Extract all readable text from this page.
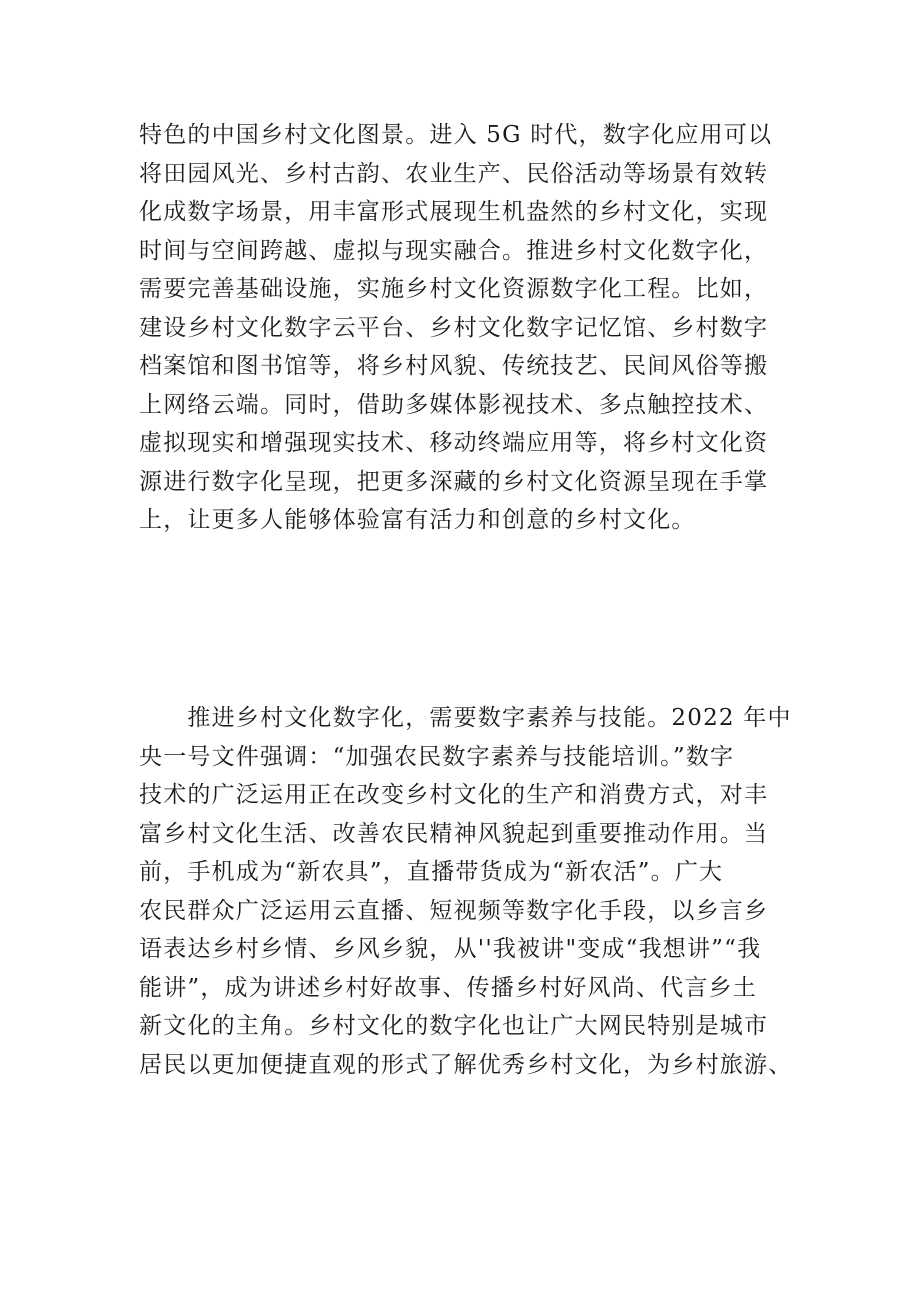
特色的中国乡村文化图景。进入 5G 时代，数字化应用可以
将田园风光、乡村古韵、农业生产、民俗活动等场景有效转
化成数字场景，用丰富形式展现生机盎然的乡村文化，实现
时间与空间跨越、虚拟与现实融合。推进乡村文化数字化，
需要完善基础设施，实施乡村文化资源数字化工程。比如，
建设乡村文化数字云平台、乡村文化数字记忆馆、乡村数字
档案馆和图书馆等，将乡村风貌、传统技艺、民间风俗等搬
上网络云端。同时，借助多媒体影视技术、多点触控技术、
虚拟现实和增强现实技术、移动终端应用等，将乡村文化资
源进行数字化呈现，把更多深藏的乡村文化资源呈现在手掌
上，让更多人能够体验富有活力和创意的乡村文化。
　　推进乡村文化数字化，需要数字素养与技能。2022 年中
央一号文件强调：“加强农民数字素养与技能培训。”数字
技术的广泛运用正在改变乡村文化的生产和消费方式，对丰
富乡村文化生活、改善农民精神风貌起到重要推动作用。当
前，手机成为“新农具”，直播带货成为“新农活”。广大
农民群众广泛运用云直播、短视频等数字化手段，以乡言乡
语表达乡村乡情、乡风乡貌，从''我被讲"变成“我想讲”“我
能讲”，成为讲述乡村好故事、传播乡村好风尚、代言乡土
新文化的主角。乡村文化的数字化也让广大网民特别是城市
居民以更加便捷直观的形式了解优秀乡村文化，为乡村旅游、
